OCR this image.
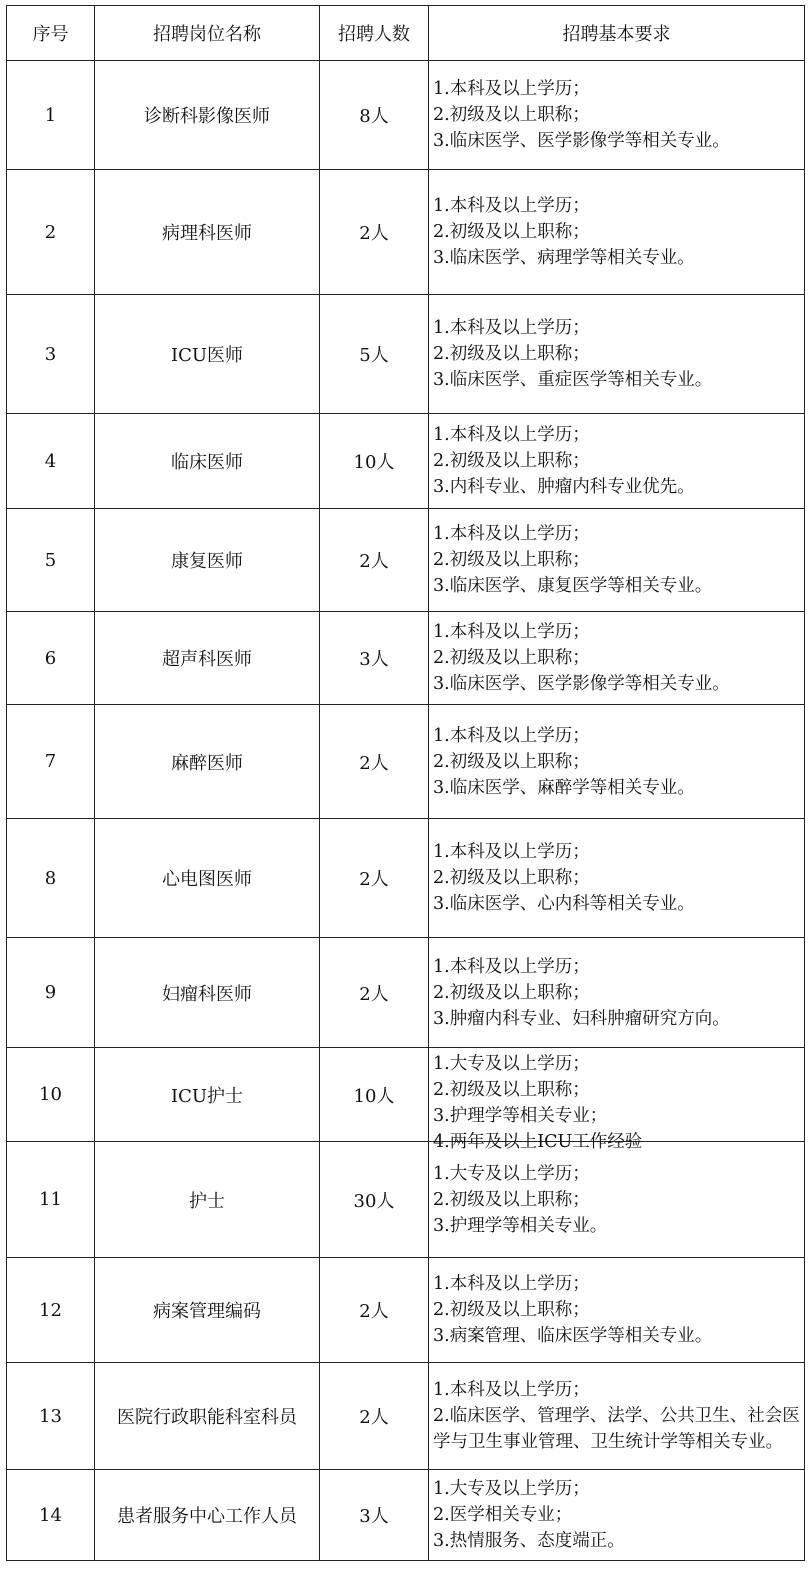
序号	招聘岗位名称	招聘人数	招聘基本要求
1	诊断科影像医师	8人	1.本科及以上学历；
2.初级及以上职称；
3.临床医学、医学影像学等相关专业。

2	病理科医师	2人	1.本科及以上学历；
2.初级及以上职称；
3.临床医学、病理学等相关专业。

3	ICU医师	5人	1.本科及以上学历；
2.初级及以上职称；
3.临床医学、重症医学等相关专业。

4	临床医师	10人	1.本科及以上学历；
2.初级及以上职称；
3.内科专业、肿瘤内科专业优先。

5	康复医师	2人	1.本科及以上学历；
2.初级及以上职称；
3.临床医学、康复医学等相关专业。

6	超声科医师	3人	1.本科及以上学历；
2.初级及以上职称；
3.临床医学、医学影像学等相关专业。

7	麻醉医师	2人	1.本科及以上学历；
2.初级及以上职称；
3.临床医学、麻醉学等相关专业。

8	心电图医师	2人	1.本科及以上学历；
2.初级及以上职称；
3.临床医学、心内科等相关专业。

9	妇瘤科医师	2人	1.本科及以上学历；
2.初级及以上职称；
3.肿瘤内科专业、妇科肿瘤研究方向。

10	ICU护士	10人	1.大专及以上学历；
2.初级及以上职称；
3.护理学等相关专业；
4.两年及以上ICU工作经验

11	护士	30人	1.大专及以上学历；
2.初级及以上职称；
3.护理学等相关专业。

12	病案管理编码	2人	1.本科及以上学历；
2.初级及以上职称；
3.病案管理、临床医学等相关专业。

13	医院行政职能科室科员	2人	1.本科及以上学历；
2.临床医学、管理学、法学、公共卫生、社会医学与卫生事业管理、卫生统计学等相关专业。

14	患者服务中心工作人员	3人	1.大专及以上学历；
2.医学相关专业；
3.热情服务、态度端正。
